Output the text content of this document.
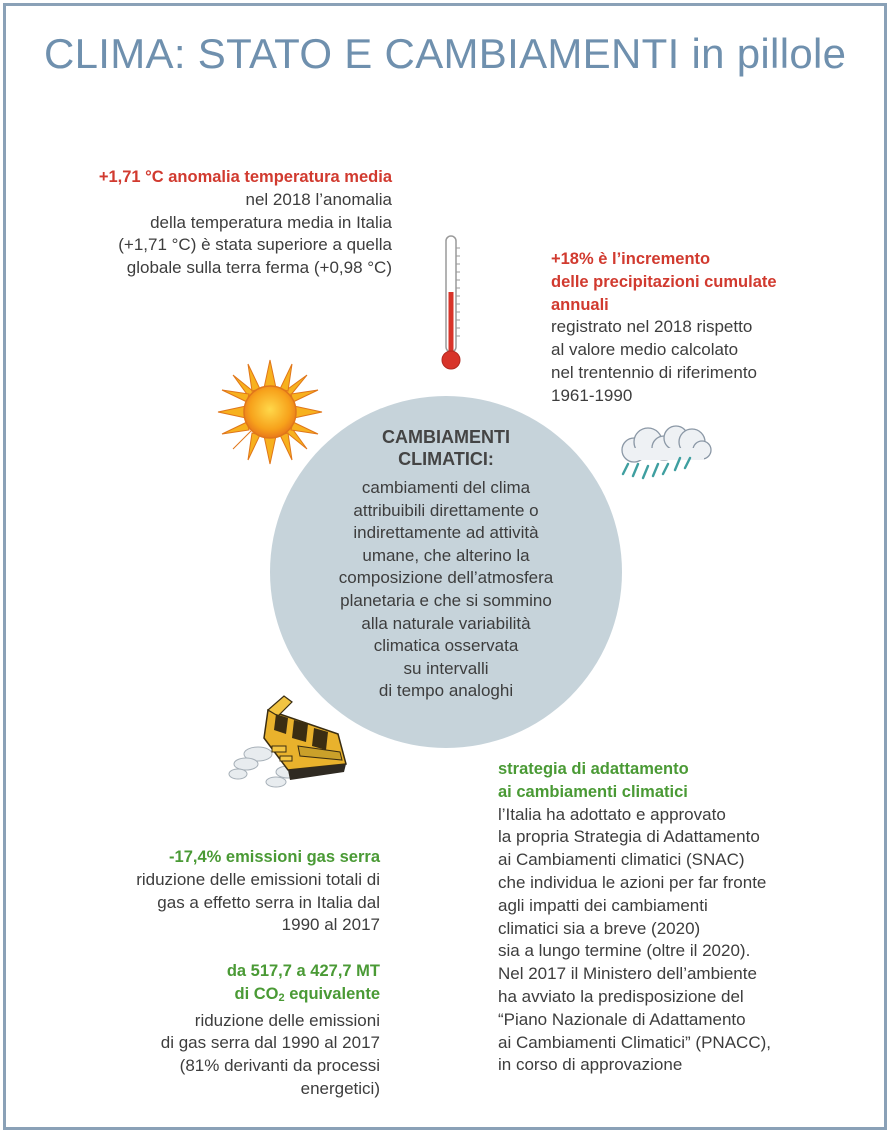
CLIMA: STATO E CAMBIAMENTI in pillole
+1,71 °C anomalia temperatura media
nel 2018 l’anomalia
della temperatura media in Italia
(+1,71 °C) è stata superiore a quella
globale sulla terra ferma (+0,98 °C)	+18% è l’incremento
delle precipitazioni cumulate
annuali
registrato nel 2018 rispetto
al valore medio calcolato
nel trentennio di riferimento
1961-1990
CAMBIAMENTI
CLIMATICI:
cambiamenti del clima
attribuibili direttamente o
indirettamente ad attività
umane, che alterino la
composizione dell’atmosfera
planetaria e che si sommino
alla naturale variabilità
climatica osservata
su intervalli
di tempo analoghi
strategia di adattamento
ai cambiamenti climatici
l’Italia ha adottato e approvato
la propria Strategia di Adattamento
ai Cambiamenti climatici (SNAC)
che individua le azioni per far fronte
agli impatti dei cambiamenti
climatici sia a breve (2020)
sia a lungo termine (oltre il 2020).
Nel 2017 il Ministero dell’ambiente
ha avviato la predisposizione del
“Piano Nazionale di Adattamento
ai Cambiamenti Climatici” (PNACC),
in corso di approvazione
-17,4% emissioni gas serra
riduzione delle emissioni totali di
gas a effetto serra in Italia dal
1990 al 2017
da 517,7 a 427,7 MT
di $CO_2$ equivalente
riduzione delle emissioni
di gas serra dal 1990 al 2017
(81% derivanti da processi
energetici)
